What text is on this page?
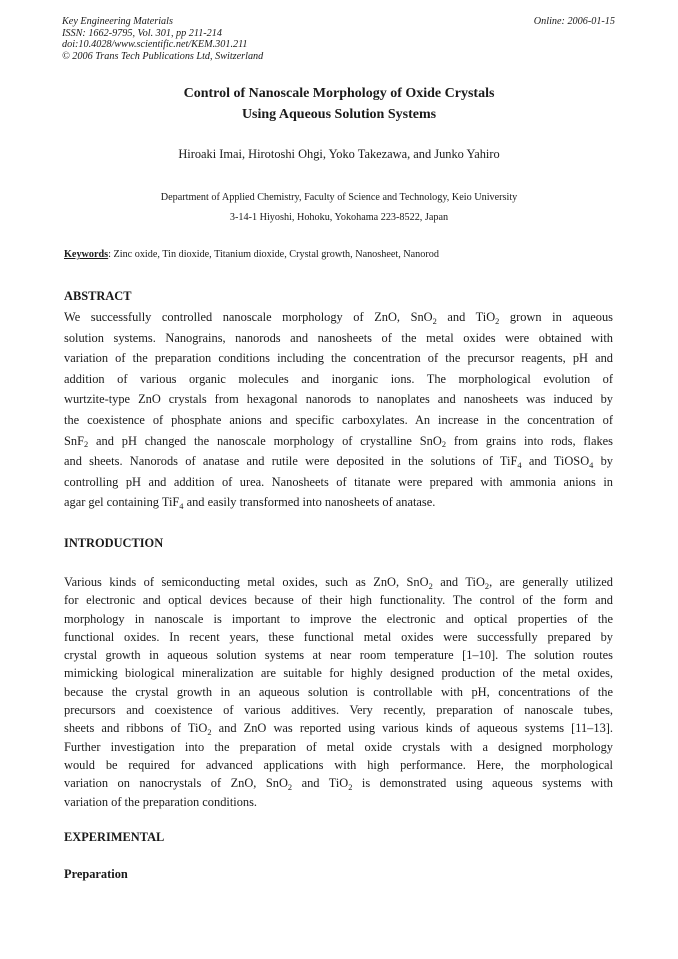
Key Engineering Materials
ISSN: 1662-9795, Vol. 301, pp 211-214
doi:10.4028/www.scientific.net/KEM.301.211
© 2006 Trans Tech Publications Ltd, Switzerland
Online: 2006-01-15
Control of Nanoscale Morphology of Oxide Crystals
Using Aqueous Solution Systems
Hiroaki Imai, Hirotoshi Ohgi, Yoko Takezawa, and Junko Yahiro
Department of Applied Chemistry, Faculty of Science and Technology, Keio University
3-14-1 Hiyoshi, Hohoku, Yokohama 223-8522, Japan
Keywords: Zinc oxide, Tin dioxide, Titanium dioxide, Crystal growth, Nanosheet, Nanorod
ABSTRACT
We successfully controlled nanoscale morphology of ZnO, SnO$_2$ and TiO$_2$ grown in aqueous
solution systems. Nanograins, nanorods and nanosheets of the metal oxides were obtained with
variation of the preparation conditions including the concentration of the precursor reagents, pH and
addition of various organic molecules and inorganic ions. The morphological evolution of
wurtzite-type ZnO crystals from hexagonal nanorods to nanoplates and nanosheets was induced by
the coexistence of phosphate anions and specific carboxylates. An increase in the concentration of
SnF$_2$ and pH changed the nanoscale morphology of crystalline SnO$_2$ from grains into rods, flakes
and sheets. Nanorods of anatase and rutile were deposited in the solutions of TiF$_4$ and TiOSO$_4$ by
controlling pH and addition of urea. Nanosheets of titanate were prepared with ammonia anions in
agar gel containing TiF$_4$ and easily transformed into nanosheets of anatase.
INTRODUCTION
Various kinds of semiconducting metal oxides, such as ZnO, SnO$_2$ and TiO$_2$, are generally utilized
for electronic and optical devices because of their high functionality. The control of the form and
morphology in nanoscale is important to improve the electronic and optical properties of the
functional oxides. In recent years, these functional metal oxides were successfully prepared by
crystal growth in aqueous solution systems at near room temperature [1–10]. The solution routes
mimicking biological mineralization are suitable for highly designed production of the metal oxides,
because the crystal growth in an aqueous solution is controllable with pH, concentrations of the
precursors and coexistence of various additives. Very recently, preparation of nanoscale tubes,
sheets and ribbons of TiO$_2$ and ZnO was reported using various kinds of aqueous systems [11–13].
Further investigation into the preparation of metal oxide crystals with a designed morphology
would be required for advanced applications with high performance. Here, the morphological
variation on nanocrystals of ZnO, SnO$_2$ and TiO$_2$ is demonstrated using aqueous systems with
variation of the preparation conditions.
EXPERIMENTAL
Preparation
